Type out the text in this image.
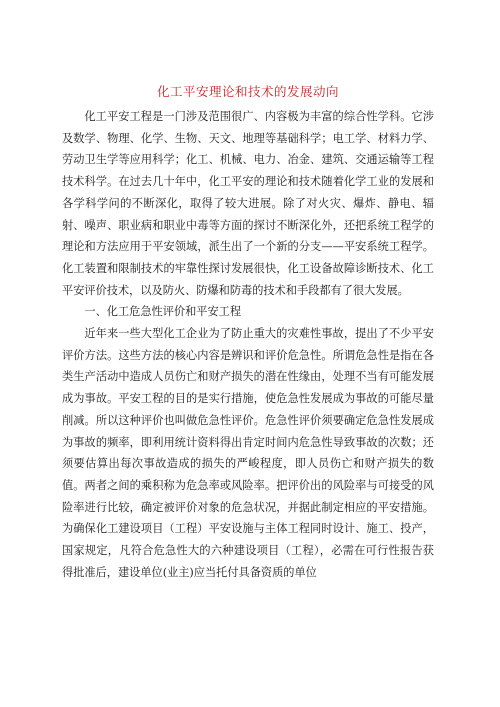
化工平安理论和技术的发展动向

化工平安工程是一门涉及范围很广、内容极为丰富的综合性学科。它涉及数学、物理、化学、生物、天文、地理等基础科学；电工学、材料力学、劳动卫生学等应用科学；化工、机械、电力、冶金、建筑、交通运输等工程技术科学。在过去几十年中，化工平安的理论和技术随着化学工业的发展和各学科学问的不断深化，取得了较大进展。除了对火灾、爆炸、静电、辐射、噪声、职业病和职业中毒等方面的探讨不断深化外，还把系统工程学的理论和方法应用于平安领域，派生出了一个新的分支——平安系统工程学。化工装置和限制技术的牢靠性探讨发展很快，化工设备故障诊断技术、化工平安评价技术，以及防火、防爆和防毒的技术和手段都有了很大发展。

一、化工危急性评价和平安工程

近年来一些大型化工企业为了防止重大的灾难性事故，提出了不少平安评价方法。这些方法的核心内容是辨识和评价危急性。所谓危急性是指在各类生产活动中造成人员伤亡和财产损失的潜在性缘由，处理不当有可能发展成为事故。平安工程的目的是实行措施，使危急性发展成为事故的可能尽量削减。所以这种评价也叫做危急性评价。危急性评价须要确定危急性发展成为事故的频率，即利用统计资料得出肯定时间内危急性导致事故的次数；还须要估算出每次事故造成的损失的严峻程度，即人员伤亡和财产损失的数值。两者之间的乘积称为危急率或风险率。把评价出的风险率与可接受的风险率进行比较，确定被评价对象的危急状况，并据此制定相应的平安措施。为确保化工建设项目（工程）平安设施与主体工程同时设计、施工、投产，国家规定，凡符合危急性大的六种建设项目（工程），必需在可行性报告获得批准后，建设单位(业主)应当托付具备资质的单位
